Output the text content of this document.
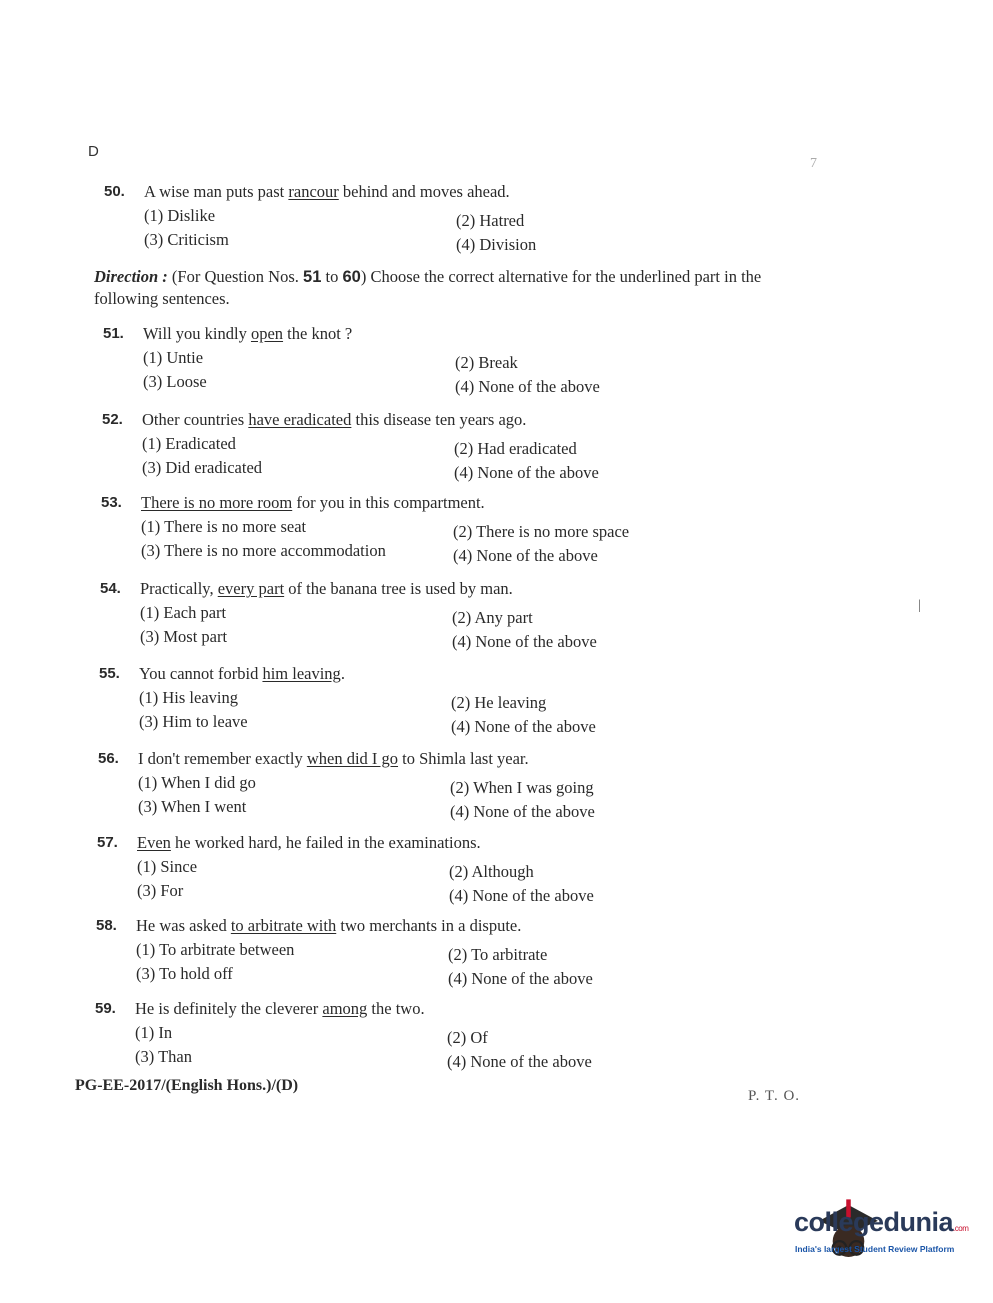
D
7
|
50. A wise man puts past rancour behind and moves ahead.
(1) Dislike	(2) Hatred
(3) Criticism	(4) Division
Direction : (For Question Nos. 51 to 60) Choose the correct alternative for the underlined part in the following sentences.
51. Will you kindly open the knot ?
(1) Untie	(2) Break
(3) Loose	(4) None of the above
52. Other countries have eradicated this disease ten years ago.
(1) Eradicated	(2) Had eradicated
(3) Did eradicated	(4) None of the above
53. There is no more room for you in this compartment.
(1) There is no more seat	(2) There is no more space
(3) There is no more accommodation	(4) None of the above
54. Practically, every part of the banana tree is used by man.
(1) Each part	(2) Any part
(3) Most part	(4) None of the above
55. You cannot forbid him leaving.
(1) His leaving	(2) He leaving
(3) Him to leave	(4) None of the above
56. I don't remember exactly when did I go to Shimla last year.
(1) When I did go	(2) When I was going
(3) When I went	(4) None of the above
57. Even he worked hard, he failed in the examinations.
(1) Since	(2) Although
(3) For	(4) None of the above
58. He was asked to arbitrate with two merchants in a dispute.
(1) To arbitrate between	(2) To arbitrate
(3) To hold off	(4) None of the above
59. He is definitely the cleverer among the two.
(1) In	(2) Of
(3) Than	(4) None of the above
PG-EE-2017/(English Hons.)/(D)
P. T. O.
collegedunia.com
India's largest Student Review Platform
